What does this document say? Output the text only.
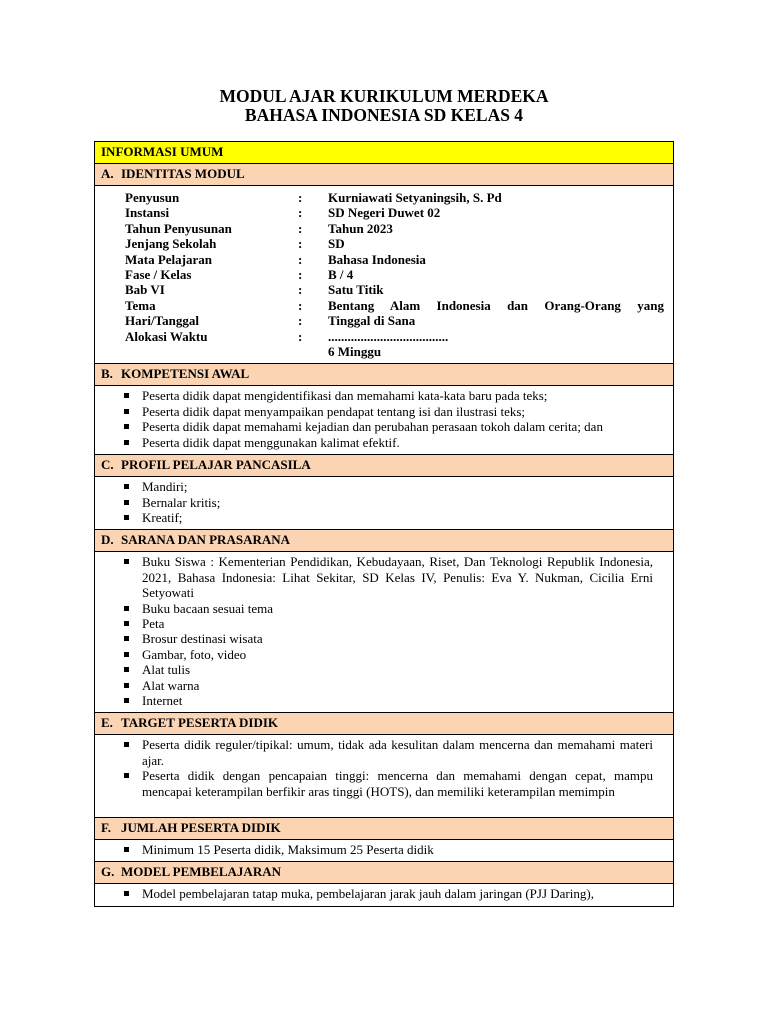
MODUL AJAR KURIKULUM MERDEKA
BAHASA INDONESIA SD KELAS 4
INFORMASI UMUM
A. IDENTITAS MODUL

Penyusun	:	Kurniawati Setyaningsih, S. Pd
Instansi	:	SD Negeri Duwet 02
Tahun Penyusunan	:	Tahun 2023
Jenjang Sekolah	:	SD
Mata Pelajaran	:	Bahasa Indonesia
Fase / Kelas	:	B / 4
Bab VI	:	Satu Titik
Tema	:	Bentang Alam Indonesia dan Orang-Orang yang
Hari/Tanggal	:	Tinggal di Sana
Alokasi Waktu	:	.....................................
6 Minggu

B. KOMPETENSI AWAL

Peserta didik dapat mengidentifikasi dan memahami kata-kata baru pada teks;
Peserta didik dapat menyampaikan pendapat tentang isi dan ilustrasi teks;
Peserta didik dapat memahami kejadian dan perubahan perasaan tokoh dalam cerita; dan
Peserta didik dapat menggunakan kalimat efektif.

C. PROFIL PELAJAR PANCASILA

Mandiri;
Bernalar kritis;
Kreatif;

D. SARANA DAN PRASARANA

Buku Siswa : Kementerian Pendidikan, Kebudayaan, Riset, Dan Teknologi Republik Indonesia, 2021, Bahasa Indonesia: Lihat Sekitar, SD Kelas IV, Penulis: Eva Y. Nukman, Cicilia Erni Setyowati
Buku bacaan sesuai tema
Peta
Brosur destinasi wisata
Gambar, foto, video
Alat tulis
Alat warna
Internet

E. TARGET PESERTA DIDIK

Peserta didik reguler/tipikal: umum, tidak ada kesulitan dalam mencerna dan memahami materi ajar.
Peserta didik dengan pencapaian tinggi: mencerna dan memahami dengan cepat, mampu mencapai keterampilan berfikir aras tinggi (HOTS), dan memiliki keterampilan memimpin

F. JUMLAH PESERTA DIDIK

Minimum 15 Peserta didik, Maksimum 25 Peserta didik

G. MODEL PEMBELAJARAN

Model pembelajaran tatap muka, pembelajaran jarak jauh dalam jaringan (PJJ Daring),
